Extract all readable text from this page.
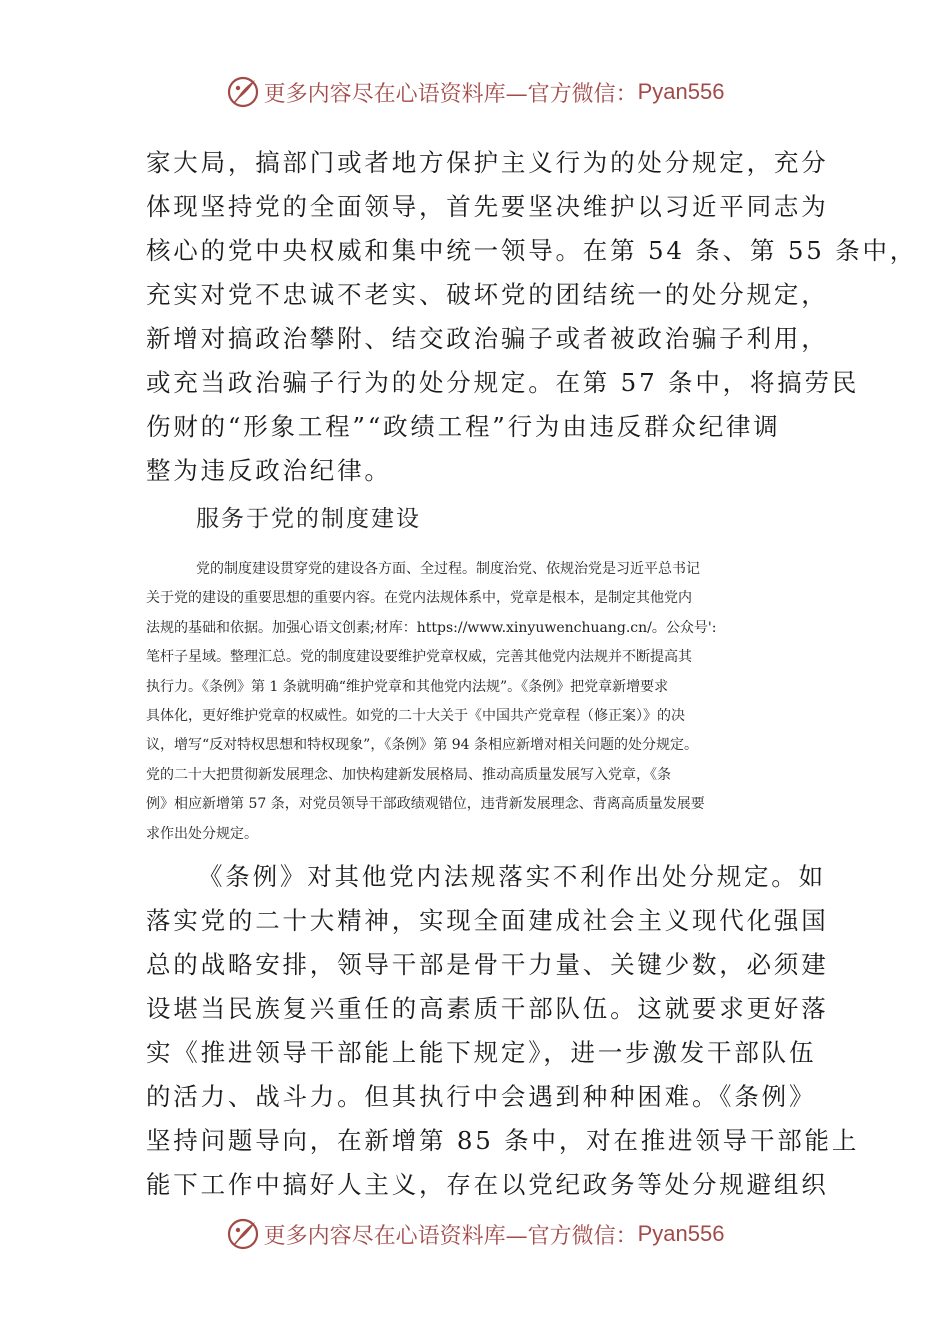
更多内容尽在心语资料库—官方微信： Pyan556
家大局，搞部门或者地方保护主义行为的处分规定，充分
体现坚持党的全面领导，首先要坚决维护以习近平同志为
核心的党中央权威和集中统一领导。在第 54 条、第 55 条中，
充实对党不忠诚不老实、破坏党的团结统一的处分规定，
新增对搞政治攀附、结交政治骗子或者被政治骗子利用，
或充当政治骗子行为的处分规定。在第 57 条中，将搞劳民
伤财的“形象工程”“政绩工程”行为由违反群众纪律调
整为违反政治纪律。
服务于党的制度建设
党的制度建设贯穿党的建设各方面、全过程。制度治党、依规治党是习近平总书记
关于党的建设的重要思想的重要内容。在党内法规体系中，党章是根本，是制定其他党内
法规的基础和依据。加强心语文创素;材库：https://www.xinyuwenchuang.cn/。公众号':
笔杆子星域。整理汇总。党的制度建设要维护党章权威，完善其他党内法规并不断提高其
执行力。《条例》第 1 条就明确“维护党章和其他党内法规”。《条例》把党章新增要求
具体化，更好维护党章的权威性。如党的二十大关于《中国共产党章程（修正案）》的决
议，增写“反对特权思想和特权现象”，《条例》第 94 条相应新增对相关问题的处分规定。
党的二十大把贯彻新发展理念、加快构建新发展格局、推动高质量发展写入党章，《条
例》相应新增第 57 条，对党员领导干部政绩观错位，违背新发展理念、背离高质量发展要
求作出处分规定。
《条例》对其他党内法规落实不利作出处分规定。如
落实党的二十大精神，实现全面建成社会主义现代化强国
总的战略安排，领导干部是骨干力量、关键少数，必须建
设堪当民族复兴重任的高素质干部队伍。这就要求更好落
实《推进领导干部能上能下规定》，进一步激发干部队伍
的活力、战斗力。但其执行中会遇到种种困难。《条例》
坚持问题导向，在新增第 85 条中，对在推进领导干部能上
能下工作中搞好人主义，存在以党纪政务等处分规避组织
更多内容尽在心语资料库—官方微信： Pyan556
